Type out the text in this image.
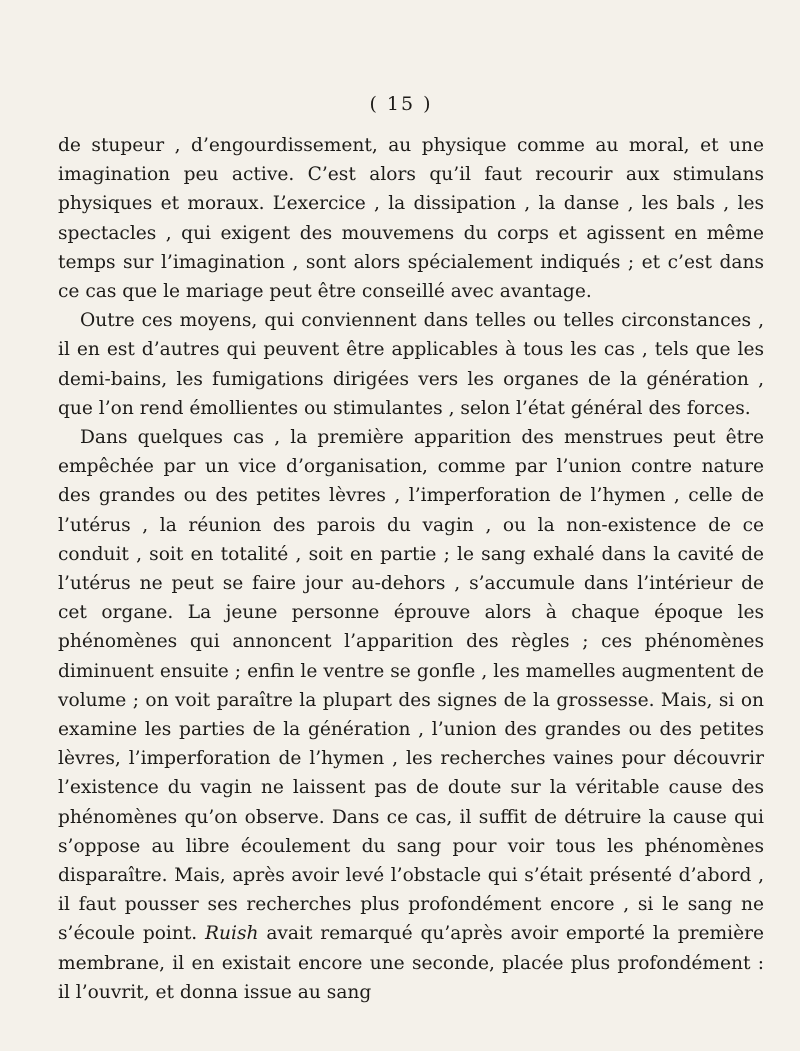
( 15 )

de stupeur , d’engourdissement, au physique comme au moral, et une imagination peu active. C’est alors qu’il faut recourir aux stimulans physiques et moraux. L’exercice , la dissipation , la danse , les bals , les spectacles , qui exigent des mouvemens du corps et agissent en même temps sur l’imagination , sont alors spécialement indiqués ; et c’est dans ce cas que le mariage peut être conseillé avec avantage.

Outre ces moyens, qui conviennent dans telles ou telles circonstances , il en est d’autres qui peuvent être applicables à tous les cas , tels que les demi-bains, les fumigations dirigées vers les organes de la génération , que l’on rend émollientes ou stimulantes , selon l’état général des forces.

Dans quelques cas , la première apparition des menstrues peut être empêchée par un vice d’organisation, comme par l’union contre nature des grandes ou des petites lèvres , l’imperforation de l’hymen , celle de l’utérus , la réunion des parois du vagin , ou la non-existence de ce conduit , soit en totalité , soit en partie ; le sang exhalé dans la cavité de l’utérus ne peut se faire jour au-dehors , s’accumule dans l’intérieur de cet organe. La jeune personne éprouve alors à chaque époque les phénomènes qui annoncent l’apparition des règles ; ces phénomènes diminuent ensuite ; enfin le ventre se gonfle , les mamelles augmentent de volume ; on voit paraître la plupart des signes de la grossesse. Mais, si on examine les parties de la génération , l’union des grandes ou des petites lèvres, l’imperforation de l’hymen , les recherches vaines pour découvrir l’existence du vagin ne laissent pas de doute sur la véritable cause des phénomènes qu’on observe. Dans ce cas, il suffit de détruire la cause qui s’oppose au libre écoulement du sang pour voir tous les phénomènes disparaître. Mais, après avoir levé l’obstacle qui s’était présenté d’abord , il faut pousser ses recherches plus profondément encore , si le sang ne s’écoule point. Ruish avait remarqué qu’après avoir emporté la première membrane, il en existait encore une seconde, placée plus profondément : il l’ouvrit, et donna issue au sang
